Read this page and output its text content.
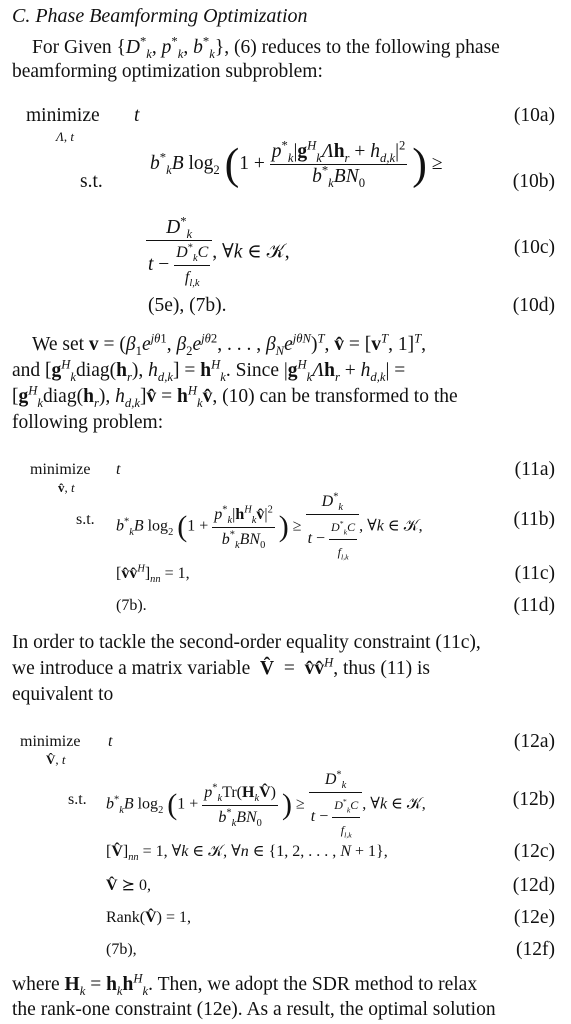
C. Phase Beamforming Optimization
For Given {$D^*_k$, $p^*_k$, $b^*_k$}, (6) reduces to the following phase
beamforming optimization subproblem:
minimize
Λ, t
t	(10a)
s.t.
$b^*_kB$ $\log_2 (1 + \frac{p^*_k|g^H_k\Lambda h_r + h_{d,k}|^2}{b^*_kBN_0}$ ) ≥
(10b)
$\frac{D^*_k}{t - \frac{D^*_kC}{f_{l,k}}}$ , ∀k ∈ 𝒦,	(10c)
(5e), (7b).	(10d)
We set $v = (\beta_1e^{j\theta 1}$, $\beta_2e^{j\theta 2}$, . . . , $\beta_Ne^{j\theta N})^T$, v̂ = [$v^T$, 1]$^T$,
and [$g^H_kdiag(h_r)$, $h_{d,k}] = h^H_k$. Since $|g^H_k\Lambda h_r + h_{d,k}|$ =
[$g^H_kdiag(h_r)$, $h_{d,k}]v̂$ = $h^H_kv̂$, (10) can be transformed to the
following problem:
minimize
v̂, t
t	(11a)
s.t. $b^*_kB$ $\log_2 (1 + \frac{p^*_k|h^H_kv̂|^2}{b^*_kBN_0}$ ) ≥ $\frac{D^*_k}{t - \frac{D^*_kC}{f_{l,k}}}$ , ∀k ∈ 𝒦,	(11b)
$[v̂v̂^H]_{nn} = 1$,	(11c)
(7b).	(11d)
In order to tackle the second-order equality constraint (11c),
we introduce a matrix variable V̂  =  v̂v̂$^H$, thus (11) is
equivalent to
minimize
V̂, t
t	(12a)
s.t. $b^*_kB$ $\log_2 (1 + \frac{p^*_kTr(H_kV̂)}{b^*_kBN_0}$ ) ≥ $\frac{D^*_k}{t - \frac{D^*_kC}{f_{l,k}}}$ , ∀k ∈ 𝒦,	(12b)
$[V̂]_{nn} = 1$, ∀k ∈ 𝒦, ∀n ∈ {1, 2, . . . , N + 1},	(12c)
V̂ ⪰ 0,	(12d)
Rank(V̂) = 1,	(12e)
(7b),	(12f)
where $H_k = h_kh^H_k$. Then, we adopt the SDR method to relax
the rank-one constraint (12e). As a result, the optimal solution
